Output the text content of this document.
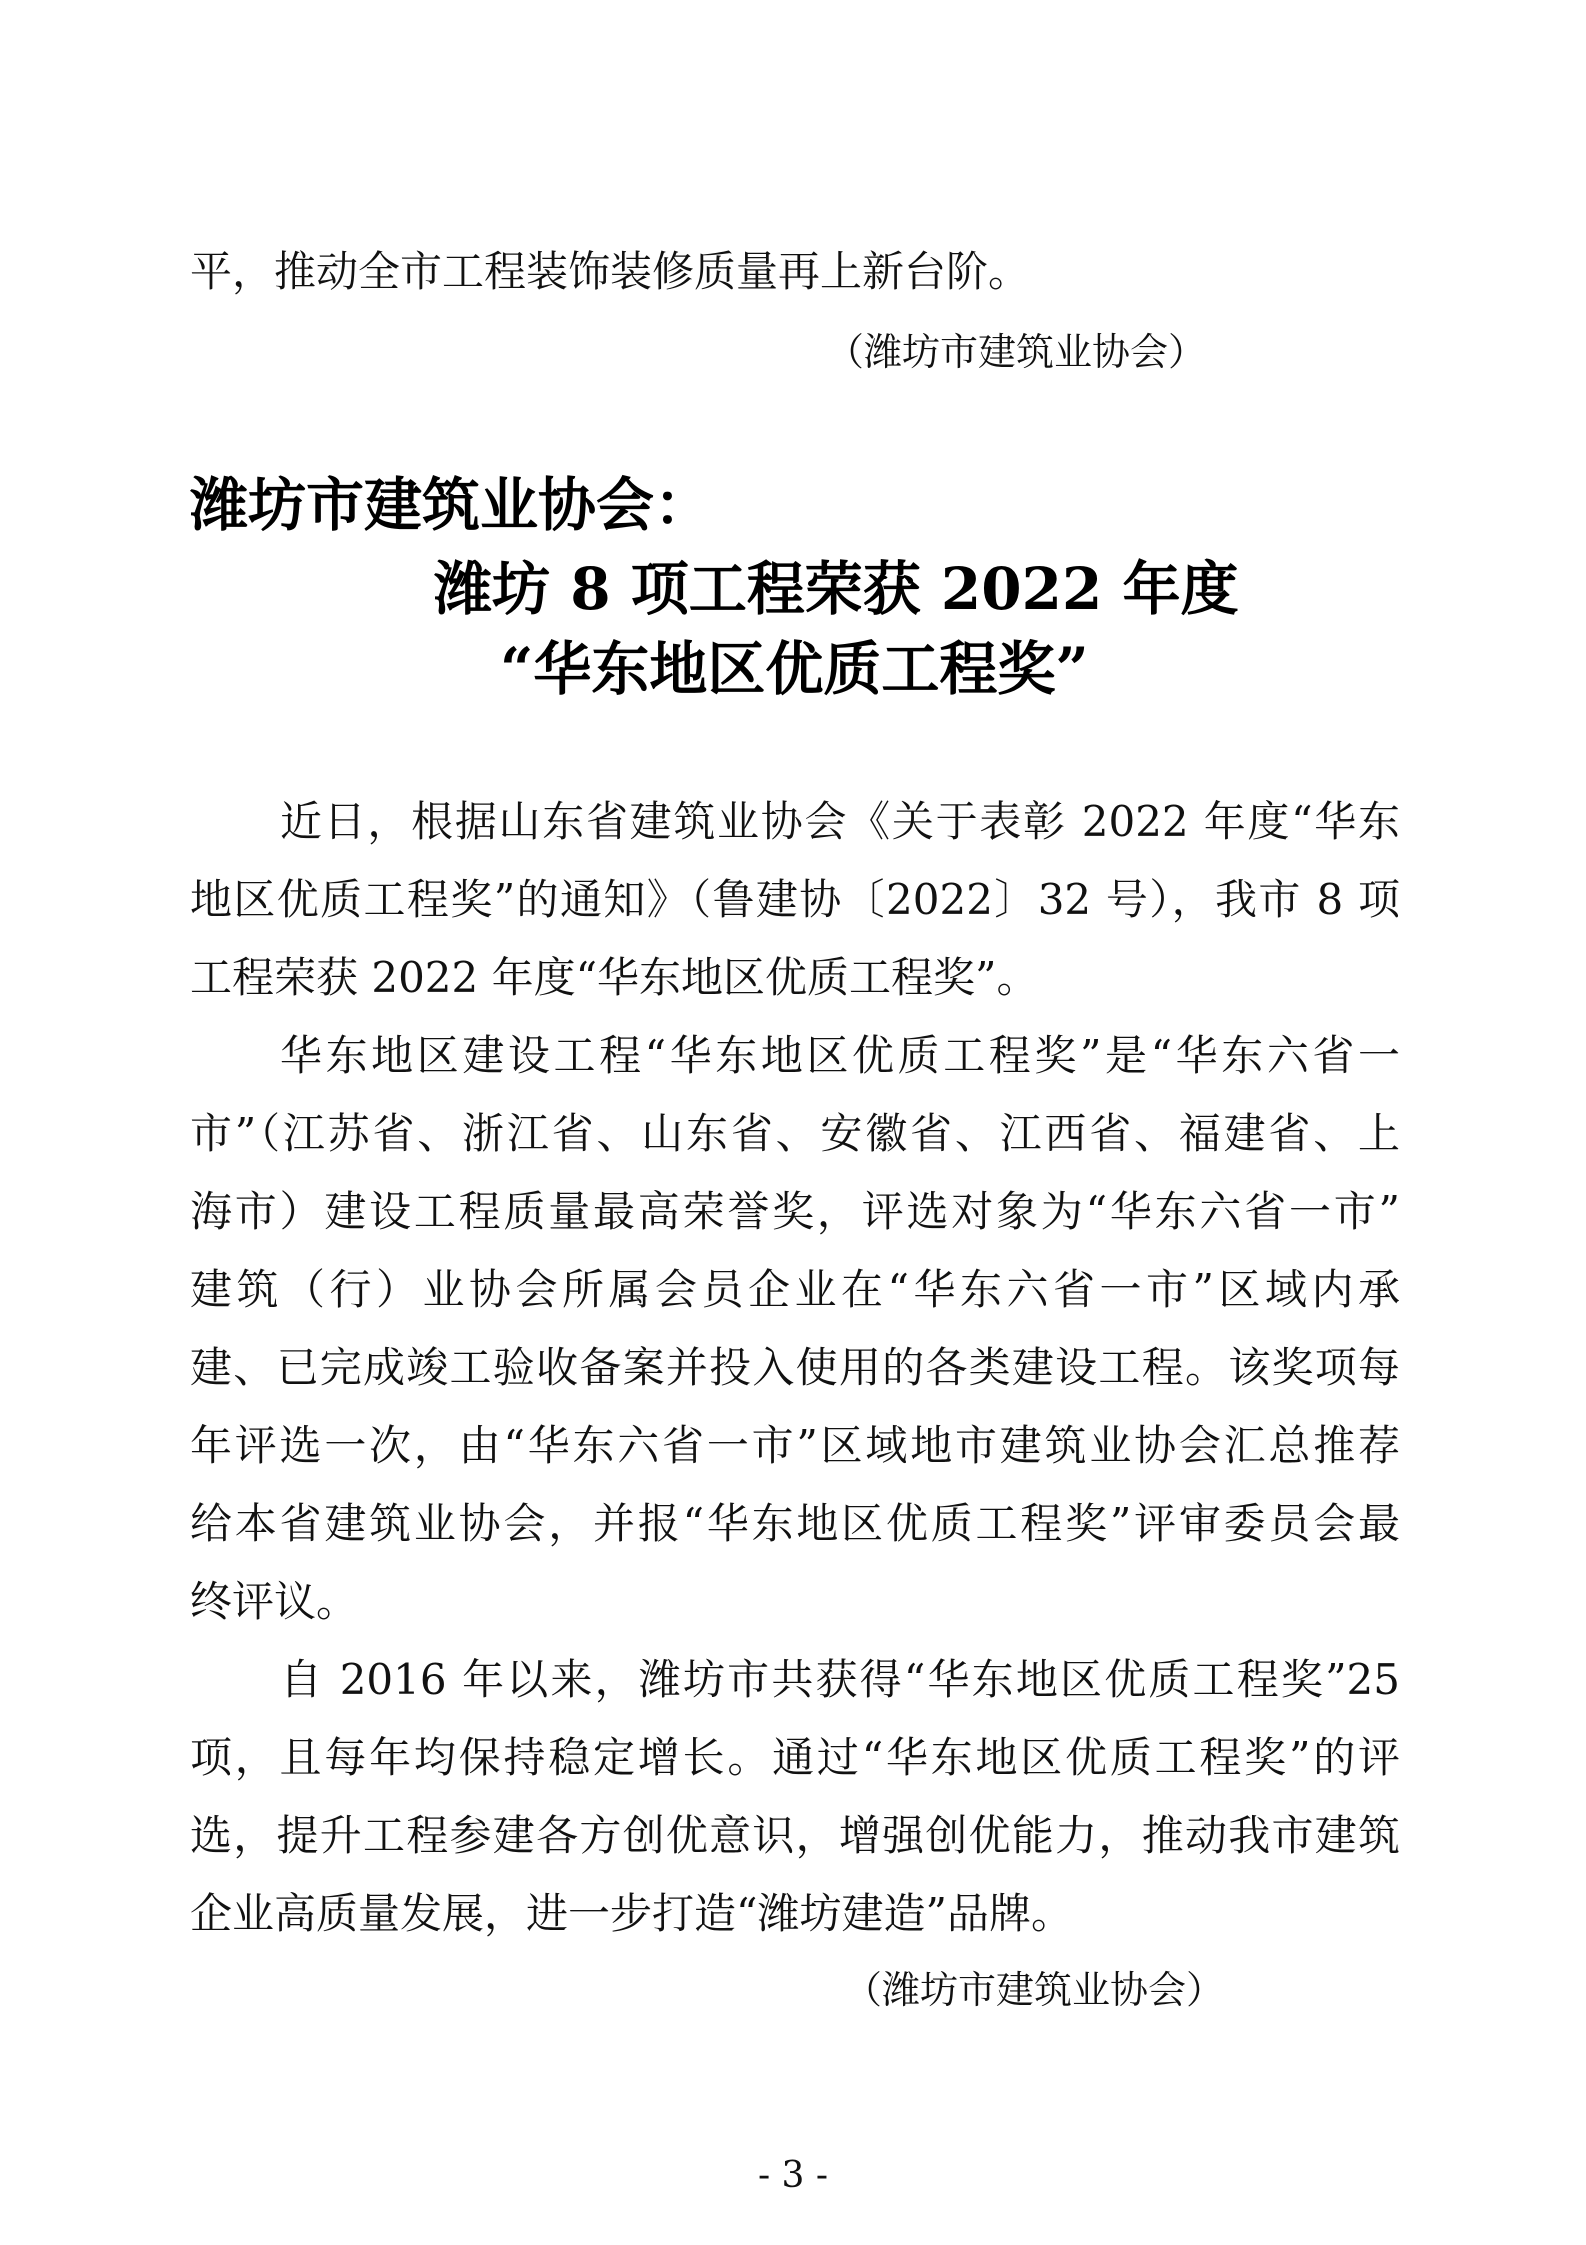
平，推动全市工程装饰装修质量再上新台阶。

（潍坊市建筑业协会）

潍坊市建筑业协会：
潍坊 8 项工程荣获 2022 年度
“华东地区优质工程奖”

近日，根据山东省建筑业协会《关于表彰 2022 年度“华东

地区优质工程奖”的通知》（鲁建协〔2022〕32 号），我市 8 项

工程荣获 2022 年度“华东地区优质工程奖”。

华东地区建设工程“华东地区优质工程奖”是“华东六省一

市”（江苏省、浙江省、山东省、安徽省、江西省、福建省、上

海市）建设工程质量最高荣誉奖，评选对象为“华东六省一市”

建筑（行）业协会所属会员企业在“华东六省一市”区域内承

建、已完成竣工验收备案并投入使用的各类建设工程。该奖项每

年评选一次，由“华东六省一市”区域地市建筑业协会汇总推荐

给本省建筑业协会，并报“华东地区优质工程奖”评审委员会最

终评议。

自 2016 年以来，潍坊市共获得“华东地区优质工程奖”25

项，且每年均保持稳定增长。通过“华东地区优质工程奖”的评

选，提升工程参建各方创优意识，增强创优能力，推动我市建筑

企业高质量发展，进一步打造“潍坊建造”品牌。

（潍坊市建筑业协会）

- 3 -
